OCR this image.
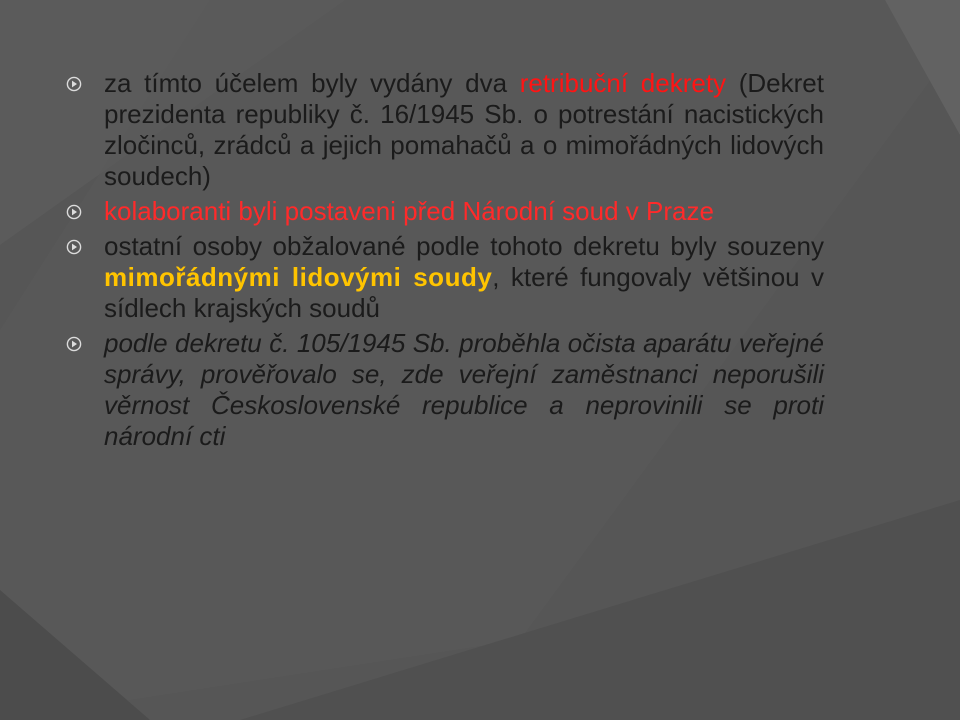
za tímto účelem byly vydány dva retribuční dekrety (Dekret prezidenta republiky č. 16/1945 Sb. o potrestání nacistických zločinců, zrádců a jejich pomahačů a o mimořádných lidových soudech)

kolaboranti byli postaveni před Národní soud v Praze

ostatní osoby obžalované podle tohoto dekretu byly souzeny mimořádnými lidovými soudy, které fungovaly většinou v sídlech krajských soudů

podle dekretu č. 105/1945 Sb. proběhla očista aparátu veřejné správy, prověřovalo se, zde veřejní zaměstnanci neporušili věrnost Československé republice a neprovinili se proti národní cti
